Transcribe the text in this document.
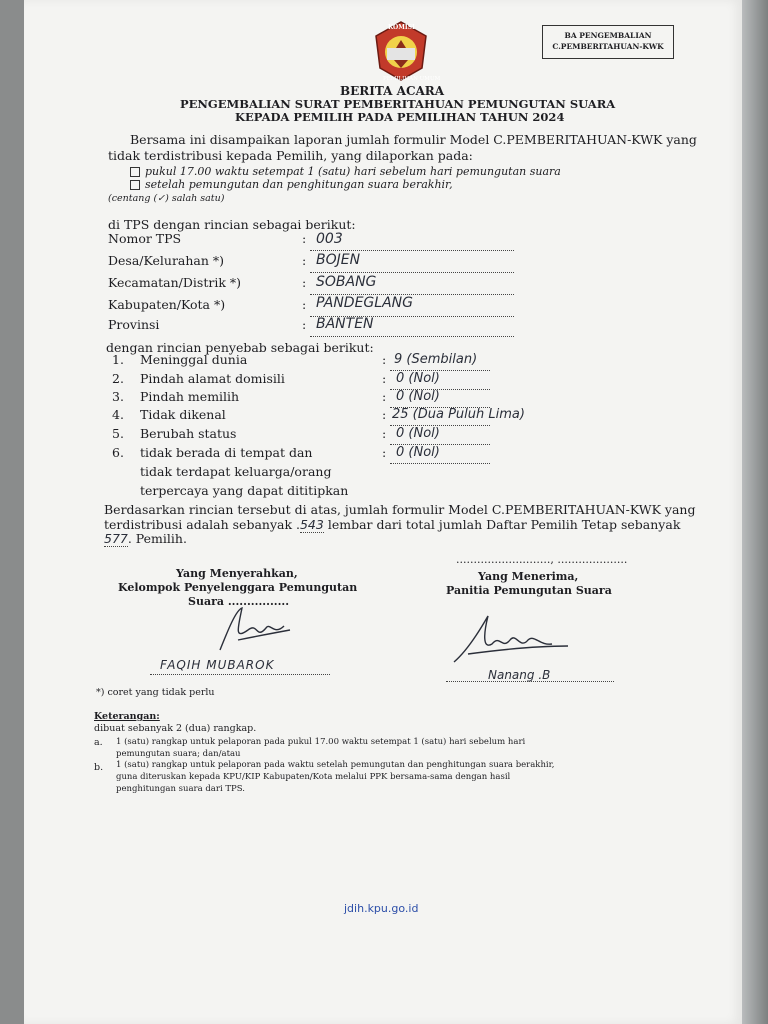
BA PENGEMBALIAN
C.PEMBERITAHUAN-KWK
KOMISI
PEMILIHAN UMUM
BERITA ACARA
PENGEMBALIAN SURAT PEMBERITAHUAN PEMUNGUTAN SUARA
KEPADA PEMILIH PADA PEMILIHAN TAHUN 2024
Bersama ini disampaikan laporan jumlah formulir Model C.PEMBERITAHUAN-KWK yang
tidak terdistribusi kepada Pemilih, yang dilaporkan pada:
pukul 17.00 waktu setempat 1 (satu) hari sebelum hari pemungutan suara
setelah pemungutan dan penghitungan suara berakhir,
(centang (✓) salah satu)
di TPS dengan rincian sebagai berikut:
Nomor TPS	: 003
Desa/Kelurahan *)	: BOJEN
Kecamatan/Distrik *)	: SOBANG
Kabupaten/Kota *)	: PANDEGLANG
Provinsi	: BANTEN
dengan rincian penyebab sebagai berikut:
1. Meninggal dunia	: 9 (Sembilan)
2. Pindah alamat domisili	: 0 (Nol)
3. Pindah memilih	: 0 (Nol)
4. Tidak dikenal	: 25 (Dua Puluh Lima)
5. Berubah status	: 0 (Nol)
6. tidak berada di tempat dan	: 0 (Nol)
tidak terdapat keluarga/orang
terpercaya yang dapat dititipkan
Berdasarkan rincian tersebut di atas, jumlah formulir Model C.PEMBERITAHUAN-KWK yang
terdistribusi adalah sebanyak .543 lembar dari total jumlah Daftar Pemilih Tetap sebanyak
577. Pemilih.
..........................., ....................
Yang Menyerahkan,
Kelompok Penyelenggara Pemungutan
Suara ................
FAQIH MUBAROK
Yang Menerima,
Panitia Pemungutan Suara
Nanang .B
*) coret yang tidak perlu
Keterangan:
dibuat sebanyak 2 (dua) rangkap.
a. 1 (satu) rangkap untuk pelaporan pada pukul 17.00 waktu setempat 1 (satu) hari sebelum hari
pemungutan suara; dan/atau
b. 1 (satu) rangkap untuk pelaporan pada waktu setelah pemungutan dan penghitungan suara berakhir,
guna diteruskan kepada KPU/KIP Kabupaten/Kota melalui PPK bersama-sama dengan hasil
penghitungan suara dari TPS.
jdih.kpu.go.id
